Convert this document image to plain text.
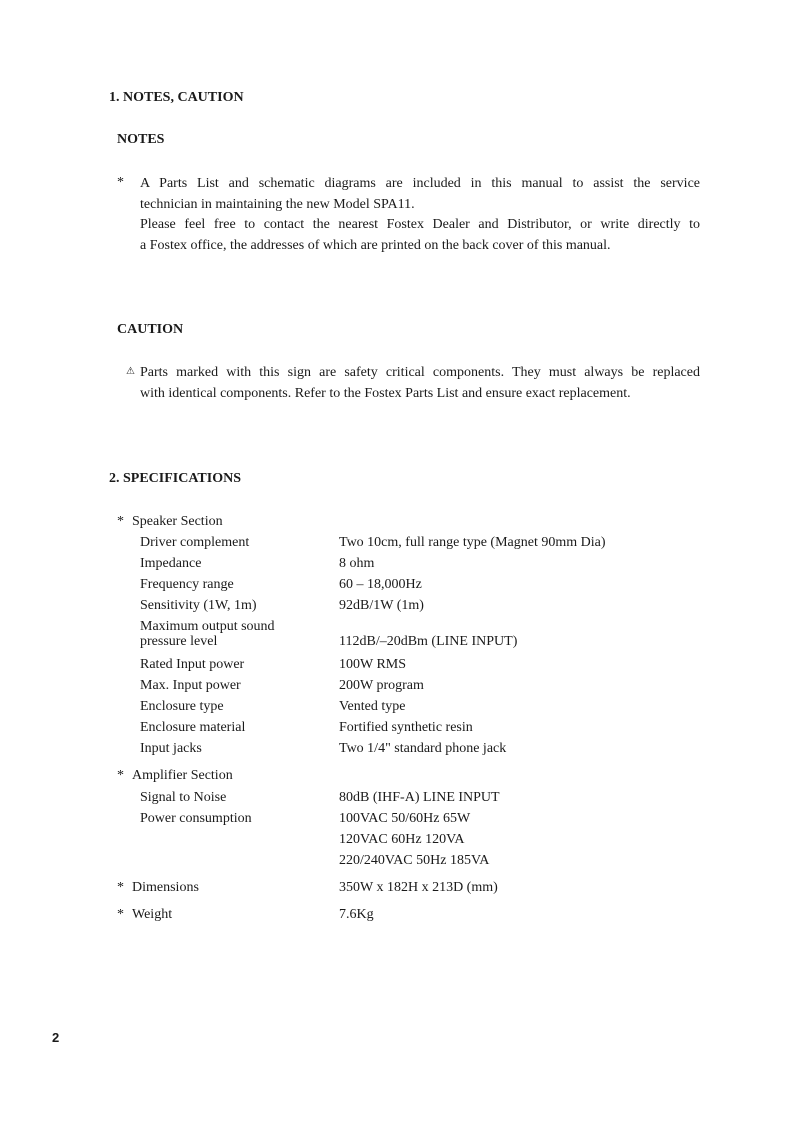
1. NOTES, CAUTION
NOTES
* A Parts List and schematic diagrams are included in this manual to assist the service
technician in maintaining the new Model SPA11.
Please feel free to contact the nearest Fostex Dealer and Distributor, or write directly to
a Fostex office, the addresses of which are printed on the back cover of this manual.
CAUTION
⚠ Parts marked with this sign are safety critical components. They must always be replaced
with identical components. Refer to the Fostex Parts List and ensure exact replacement.
2. SPECIFICATIONS
* Speaker Section
Driver complement	Two 10cm, full range type (Magnet 90mm Dia)
Impedance	8 ohm
Frequency range	60 – 18,000Hz
Sensitivity (1W, 1m)	92dB/1W (1m)
Maximum output sound
pressure level	112dB/–20dBm (LINE INPUT)
Rated Input power	100W RMS
Max. Input power	200W program
Enclosure type	Vented type
Enclosure material	Fortified synthetic resin
Input jacks	Two 1/4" standard phone jack
* Amplifier Section
Signal to Noise	80dB (IHF-A) LINE INPUT
Power consumption	100VAC 50/60Hz 65W
120VAC 60Hz 120VA
220/240VAC 50Hz 185VA
* Dimensions	350W x 182H x 213D (mm)
* Weight	7.6Kg
2
